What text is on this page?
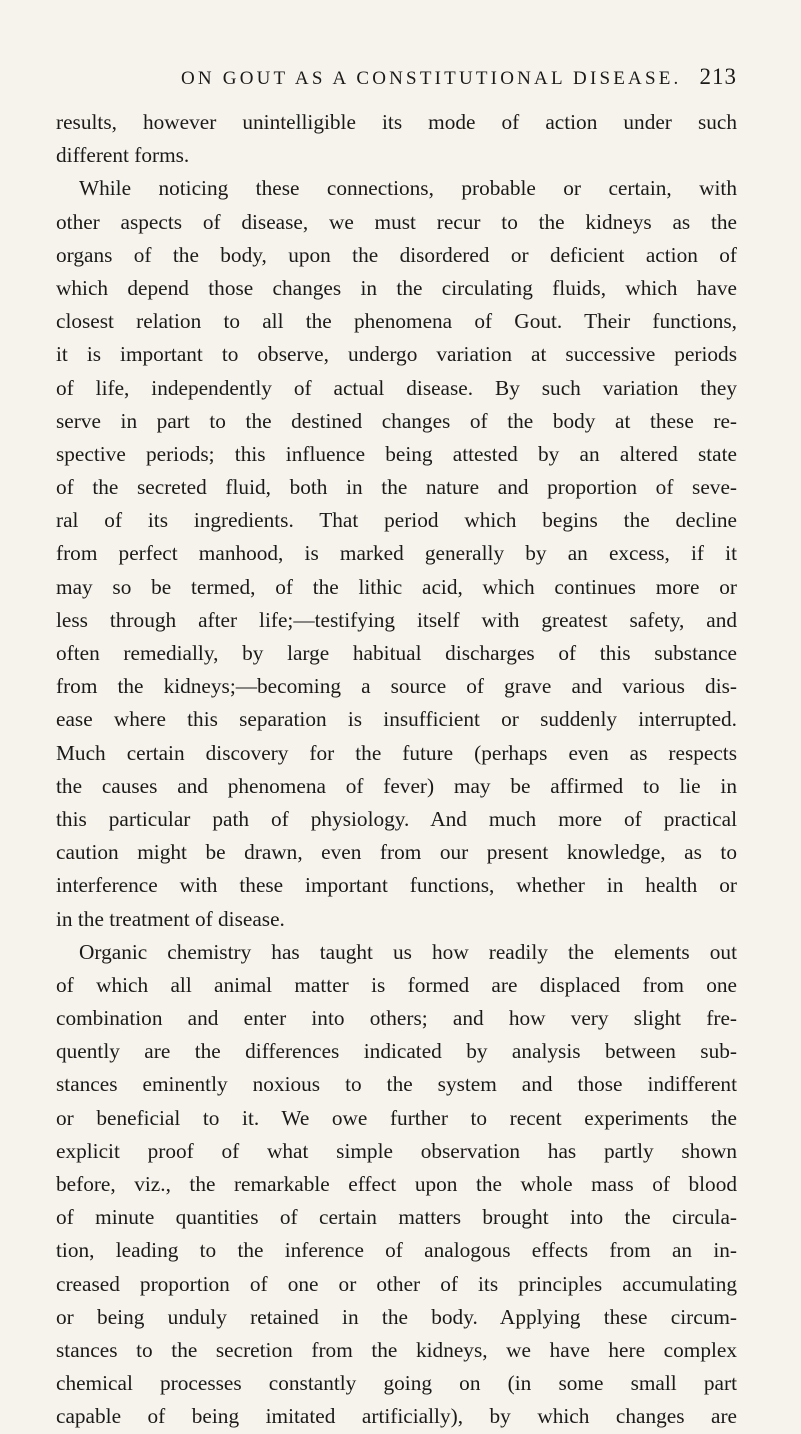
ON GOUT AS A CONSTITUTIONAL DISEASE. 213
results, however unintelligible its mode of action under such
different forms.
While noticing these connections, probable or certain, with
other aspects of disease, we must recur to the kidneys as the
organs of the body, upon the disordered or deficient action of
which depend those changes in the circulating fluids, which have
closest relation to all the phenomena of Gout. Their functions,
it is important to observe, undergo variation at successive periods
of life, independently of actual disease. By such variation they
serve in part to the destined changes of the body at these re-
spective periods; this influence being attested by an altered state
of the secreted fluid, both in the nature and proportion of seve-
ral of its ingredients. That period which begins the decline
from perfect manhood, is marked generally by an excess, if it
may so be termed, of the lithic acid, which continues more or
less through after life;—testifying itself with greatest safety, and
often remedially, by large habitual discharges of this substance
from the kidneys;—becoming a source of grave and various dis-
ease where this separation is insufficient or suddenly interrupted.
Much certain discovery for the future (perhaps even as respects
the causes and phenomena of fever) may be affirmed to lie in
this particular path of physiology. And much more of practical
caution might be drawn, even from our present knowledge, as to
interference with these important functions, whether in health or
in the treatment of disease.
Organic chemistry has taught us how readily the elements out
of which all animal matter is formed are displaced from one
combination and enter into others; and how very slight fre-
quently are the differences indicated by analysis between sub-
stances eminently noxious to the system and those indifferent
or beneficial to it. We owe further to recent experiments the
explicit proof of what simple observation has partly shown
before, viz., the remarkable effect upon the whole mass of blood
of minute quantities of certain matters brought into the circula-
tion, leading to the inference of analogous effects from an in-
creased proportion of one or other of its principles accumulating
or being unduly retained in the body. Applying these circum-
stances to the secretion from the kidneys, we have here complex
chemical processes constantly going on (in some small part
capable of being imitated artificially), by which changes are
